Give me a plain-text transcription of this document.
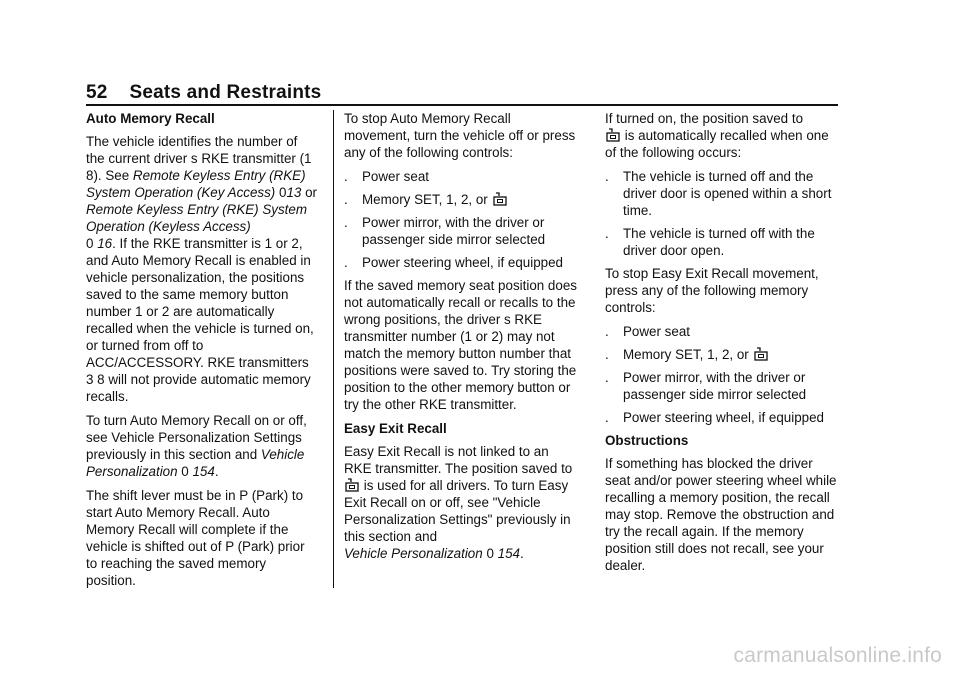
52 Seats and Restraints
Auto Memory Recall
The vehicle identifies the number of the current driver s RKE transmitter (1 8). See Remote Keyless Entry (RKE) System Operation (Key Access) 013 or
Remote Keyless Entry (RKE) System Operation (Keyless Access)
0 16. If the RKE transmitter is 1 or 2, and Auto Memory Recall is enabled in vehicle personalization, the positions saved to the same memory button number 1 or 2 are automatically recalled when the vehicle is turned on, or turned from off to ACC/ACCESSORY. RKE transmitters 3 8 will not provide automatic memory recalls.
To turn Auto Memory Recall on or off, see Vehicle Personalization Settings previously in this section and Vehicle Personalization 0 154.
The shift lever must be in P (Park) to start Auto Memory Recall. Auto Memory Recall will complete if the vehicle is shifted out of P (Park) prior to reaching the saved memory position.
To stop Auto Memory Recall movement, turn the vehicle off or press any of the following controls:
.	Power seat
.	Memory SET, 1, 2, or
.	Power mirror, with the driver or passenger side mirror selected
.	Power steering wheel, if equipped
If the saved memory seat position does not automatically recall or recalls to the wrong positions, the driver s RKE transmitter number (1 or 2) may not match the memory button number that positions were saved to. Try storing the position to the other memory button or try the other RKE transmitter.
Easy Exit Recall
Easy Exit Recall is not linked to an RKE transmitter. The position saved to  is used for all drivers. To turn Easy Exit Recall on or off, see "Vehicle Personalization Settings" previously in this section and
Vehicle Personalization 0 154.
If turned on, the position saved to
is automatically recalled when one of the following occurs:
.	The vehicle is turned off and the driver door is opened within a short time.
.	The vehicle is turned off with the driver door open.
To stop Easy Exit Recall movement, press any of the following memory controls:
.	Power seat
.	Memory SET, 1, 2, or
.	Power mirror, with the driver or passenger side mirror selected
.	Power steering wheel, if equipped
Obstructions
If something has blocked the driver seat and/or power steering wheel while recalling a memory position, the recall may stop. Remove the obstruction and try the recall again. If the memory position still does not recall, see your dealer.
carmanualsonline.info
